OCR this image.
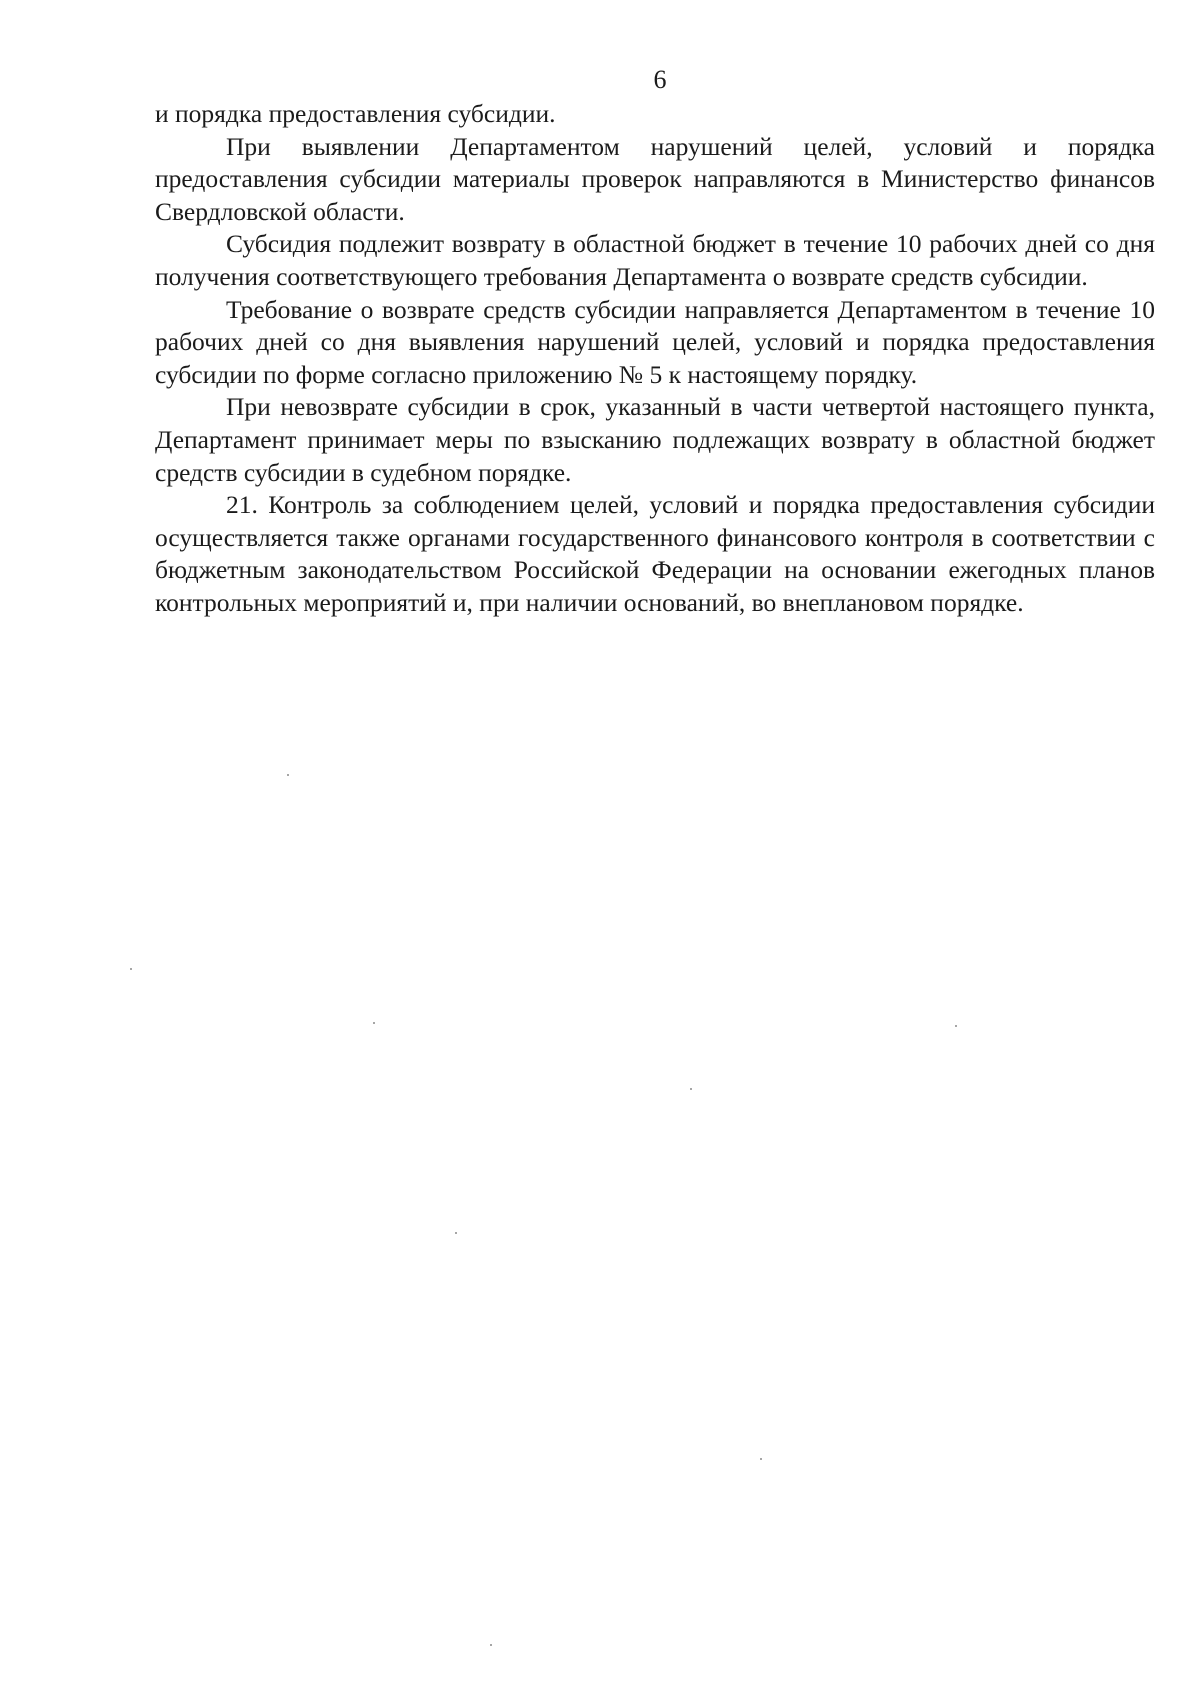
6

и порядка предоставления субсидии.

При выявлении Департаментом нарушений целей, условий и порядка предоставления субсидии материалы проверок направляются в Министерство финансов Свердловской области.

Субсидия подлежит возврату в областной бюджет в течение 10 рабочих дней со дня получения соответствующего требования Департамента о возврате средств субсидии.

Требование о возврате средств субсидии направляется Департаментом в течение 10 рабочих дней со дня выявления нарушений целей, условий и порядка предоставления субсидии по форме согласно приложению № 5 к настоящему порядку.

При невозврате субсидии в срок, указанный в части четвертой настоящего пункта, Департамент принимает меры по взысканию подлежащих возврату в областной бюджет средств субсидии в судебном порядке.

21. Контроль за соблюдением целей, условий и порядка предоставления субсидии осуществляется также органами государственного финансового контроля в соответствии с бюджетным законодательством Российской Федерации на основании ежегодных планов контрольных мероприятий и, при наличии оснований, во внеплановом порядке.
